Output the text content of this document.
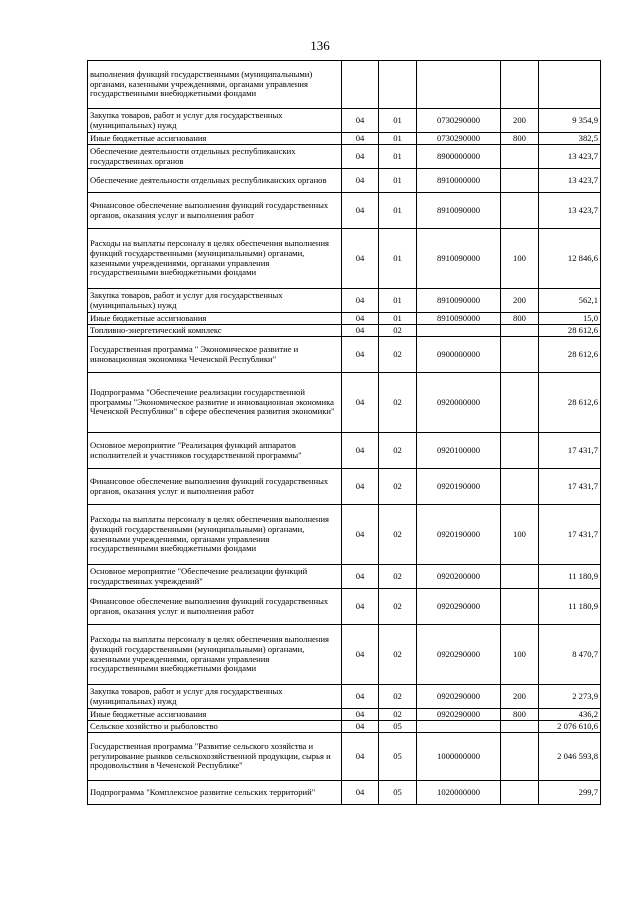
136
выполнения функций государственными (муниципальными) органами, казенными учреждениями, органами управления государственными внебюджетными фондами					
Закупка товаров, работ и услуг для государственных (муниципальных) нужд	04	01	0730290000	200	9 354,9
Иные бюджетные ассигнования	04	01	0730290000	800	382,5
Обеспечение деятельности отдельных республиканских государственных органов	04	01	8900000000		13 423,7
Обеспечение деятельности отдельных республиканских органов	04	01	8910000000		13 423,7
Финансовое обеспечение выполнения функций государственных органов, оказания услуг и выполнения работ	04	01	8910090000		13 423,7
Расходы на выплаты персоналу в целях обеспечения выполнения функций государственными (муниципальными) органами, казенными учреждениями, органами управления государственными внебюджетными фондами	04	01	8910090000	100	12 846,6
Закупка товаров, работ и услуг для государственных (муниципальных) нужд	04	01	8910090000	200	562,1
Иные бюджетные ассигнования	04	01	8910090000	800	15,0
Топливно-энергетический комплекс	04	02			28 612,6
Государственная программа " Экономическое развитие и инновационная экономика Чеченской Республики"	04	02	0900000000		28 612,6
Подпрограмма "Обеспечение реализации государственной программы "Экономическое развитие и инновационная экономика Чеченской Республики" в сфере обеспечения развития экономики"	04	02	0920000000		28 612,6
Основное мероприятие "Реализация функций аппаратов исполнителей и участников государственной программы"	04	02	0920100000		17 431,7
Финансовое обеспечение выполнения функций государственных органов, оказания услуг и выполнения работ	04	02	0920190000		17 431,7
Расходы на выплаты персоналу в целях обеспечения выполнения функций государственными (муниципальными) органами, казенными учреждениями, органами управления государственными внебюджетными фондами	04	02	0920190000	100	17 431,7
Основное мероприятие "Обеспечение реализации функций государственных учреждений"	04	02	0920200000		11 180,9
Финансовое обеспечение выполнения функций государственных органов, оказания услуг и выполнения работ	04	02	0920290000		11 180,9
Расходы на выплаты персоналу в целях обеспечения выполнения функций государственными (муниципальными) органами, казенными учреждениями, органами управления государственными внебюджетными фондами	04	02	0920290000	100	8 470,7
Закупка товаров, работ и услуг для государственных (муниципальных) нужд	04	02	0920290000	200	2 273,9
Иные бюджетные ассигнования	04	02	0920290000	800	436,2
Сельское хозяйство и рыболовство	04	05			2 076 610,6
Государственная программа "Развитие сельского хозяйства и регулирование рынков сельскохозяйственной продукции, сырья и продовольствия в Чеченской Республике"	04	05	1000000000		2 046 593,8
Подпрограмма "Комплексное развитие сельских территорий"	04	05	1020000000		299,7
